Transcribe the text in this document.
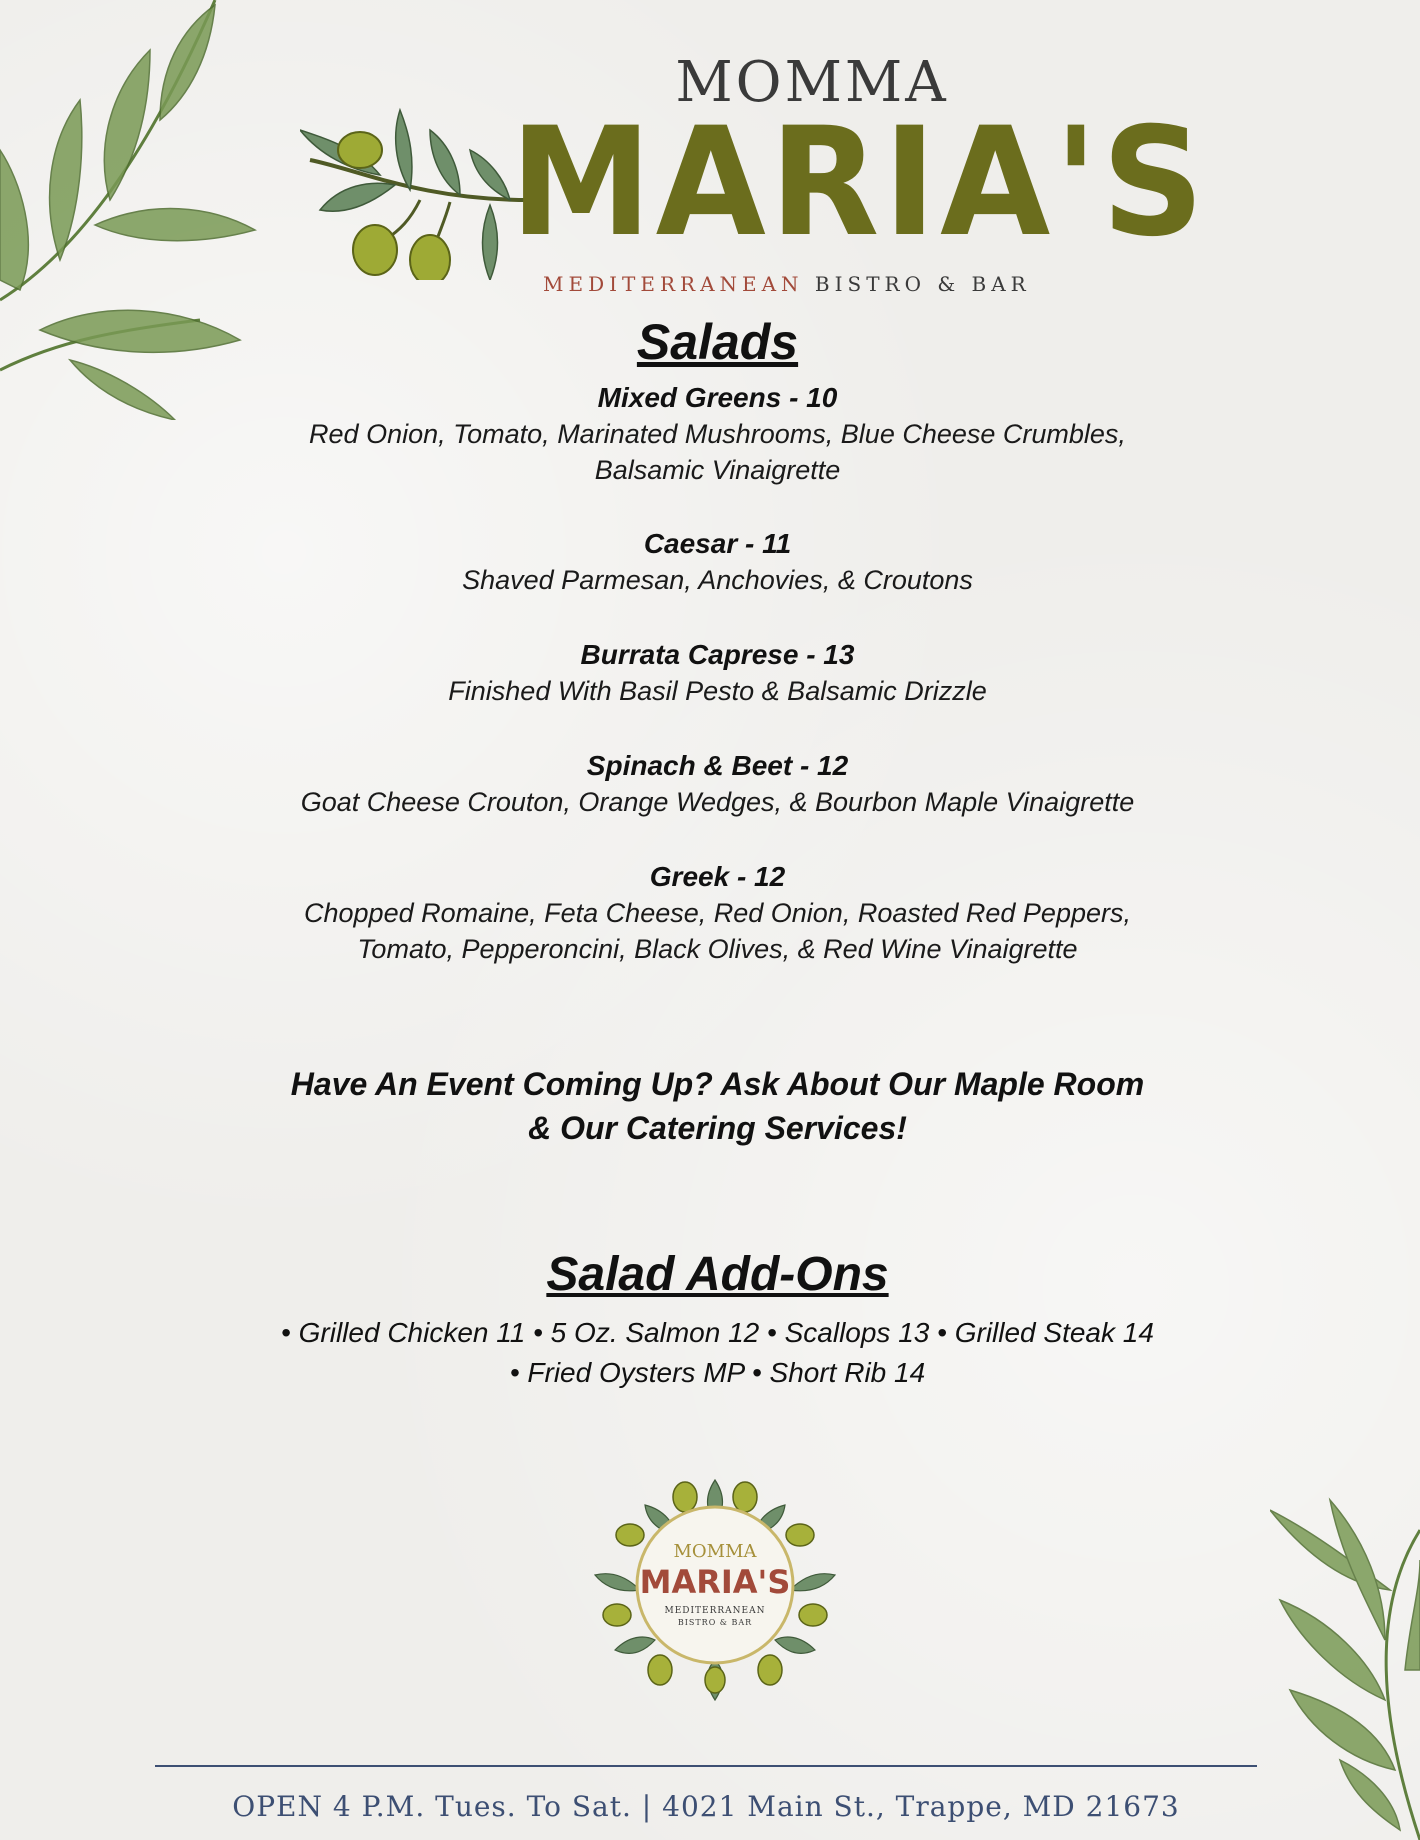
MOMMA
MARIA'S
MEDITERRANEAN BISTRO & BAR
Salads

Mixed Greens - 10

Red Onion, Tomato, Marinated Mushrooms, Blue Cheese Crumbles,

Balsamic Vinaigrette

Caesar - 11

Shaved Parmesan, Anchovies, & Croutons

Burrata Caprese - 13

Finished With Basil Pesto & Balsamic Drizzle

Spinach & Beet - 12

Goat Cheese Crouton, Orange Wedges, & Bourbon Maple Vinaigrette

Greek - 12

Chopped Romaine, Feta Cheese, Red Onion, Roasted Red Peppers,

Tomato, Pepperoncini, Black Olives, & Red Wine Vinaigrette

Have An Event Coming Up? Ask About Our Maple Room

& Our Catering Services!

Salad Add-Ons

• Grilled Chicken 11 • 5 Oz. Salmon 12 • Scallops 13 • Grilled Steak 14

• Fried Oysters MP • Short Rib 14

MOMMA
MARIA'S
MEDITERRANEAN
BISTRO & BAR
OPEN 4 P.M. Tues. To Sat. | 4021 Main St., Trappe, MD 21673
